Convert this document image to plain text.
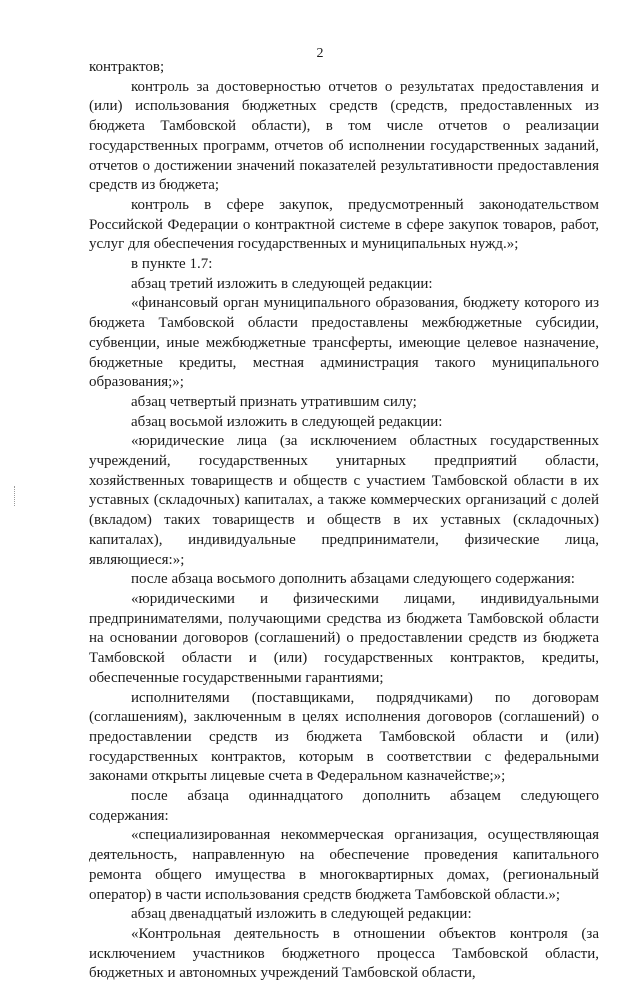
2

контрактов;

контроль за достоверностью отчетов о результатах предоставления и (или) использования бюджетных средств (средств, предоставленных из бюджета Тамбовской области), в том числе отчетов о реализации государственных программ, отчетов об исполнении государственных заданий, отчетов о достижении значений показателей результативности предоставления средств из бюджета;

контроль в сфере закупок, предусмотренный законодательством Российской Федерации о контрактной системе в сфере закупок товаров, работ, услуг для обеспечения государственных и муниципальных нужд.»;

в пункте 1.7:

абзац третий изложить в следующей редакции:

«финансовый орган муниципального образования, бюджету которого из бюджета Тамбовской области предоставлены межбюджетные субсидии, субвенции, иные межбюджетные трансферты, имеющие целевое назначение, бюджетные кредиты, местная администрация такого муниципального образования;»;

абзац четвертый признать утратившим силу;

абзац восьмой изложить в следующей редакции:

«юридические лица (за исключением областных государственных учреждений, государственных унитарных предприятий области, хозяйственных товариществ и обществ с участием Тамбовской области в их уставных (складочных) капиталах, а также коммерческих организаций с долей (вкладом) таких товариществ и обществ в их уставных (складочных) капиталах), индивидуальные предприниматели, физические лица, являющиеся:»;

после абзаца восьмого дополнить абзацами следующего содержания:

«юридическими и физическими лицами, индивидуальными предпринимателями, получающими средства из бюджета Тамбовской области на основании договоров (соглашений) о предоставлении средств из бюджета Тамбовской области и (или) государственных контрактов, кредиты, обеспеченные государственными гарантиями;

исполнителями (поставщиками, подрядчиками) по договорам (соглашениям), заключенным в целях исполнения договоров (соглашений) о предоставлении средств из бюджета Тамбовской области и (или) государственных контрактов, которым в соответствии с федеральными законами открыты лицевые счета в Федеральном казначействе;»;

после абзаца одиннадцатого дополнить абзацем следующего содержания:

«специализированная некоммерческая организация, осуществляющая деятельность, направленную на обеспечение проведения капитального ремонта общего имущества в многоквартирных домах, (региональный оператор) в части использования средств бюджета Тамбовской области.»;

абзац двенадцатый изложить в следующей редакции:

«Контрольная деятельность в отношении объектов контроля (за исключением участников бюджетного процесса Тамбовской области, бюджетных и автономных учреждений Тамбовской области,
